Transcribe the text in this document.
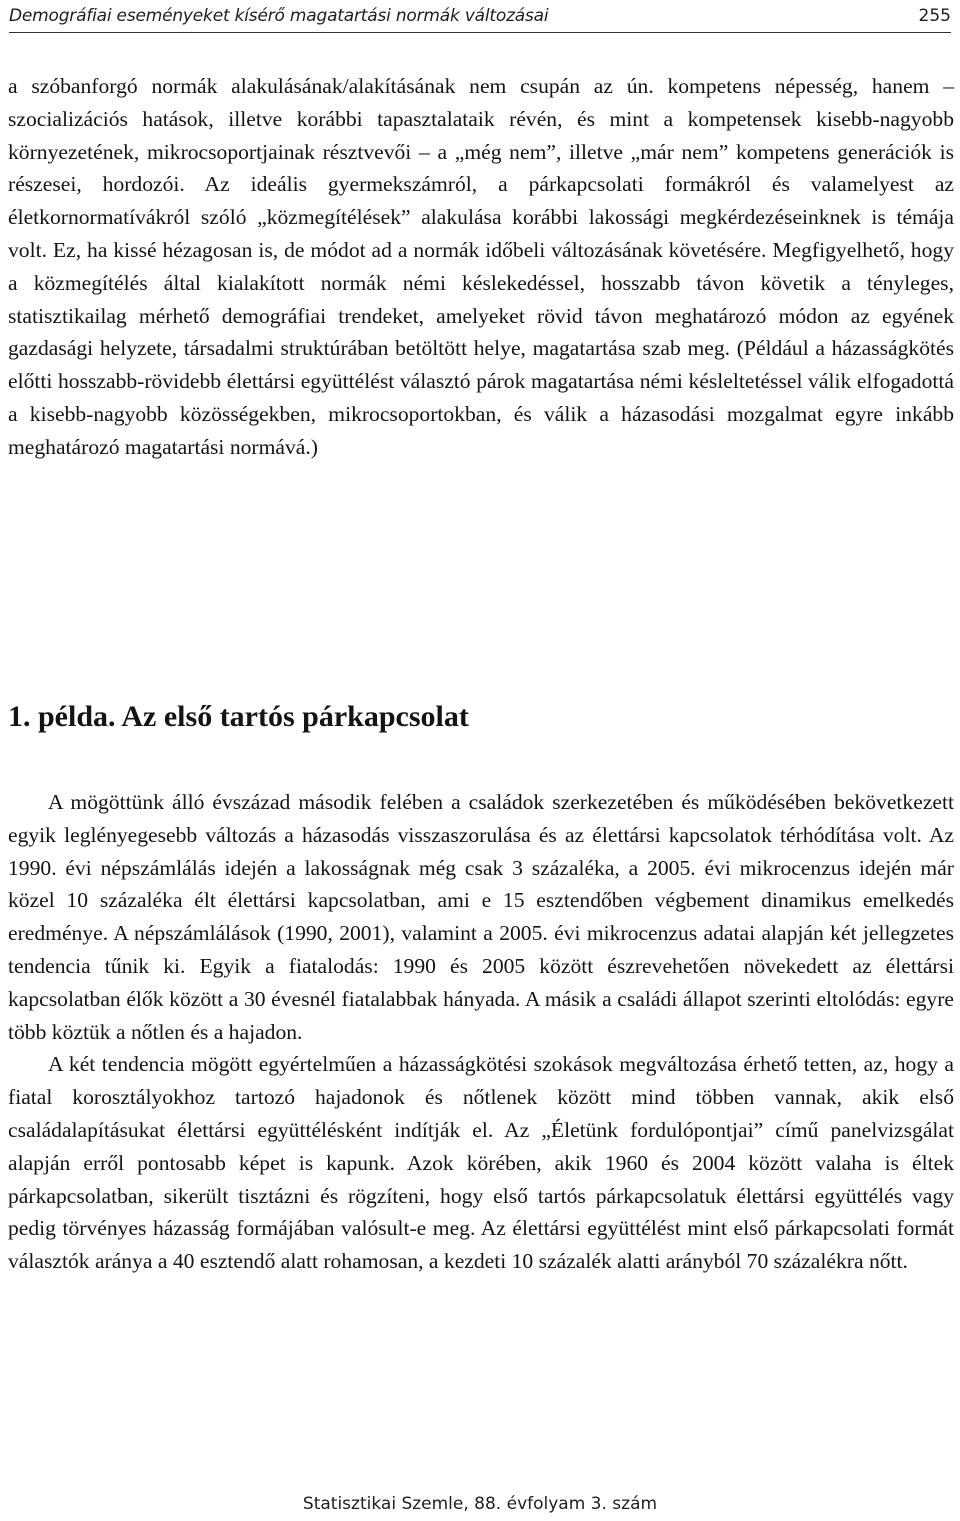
Demográfiai eseményeket kísérő magatartási normák változásai	255

a szóbanforgó normák alakulásának/alakításának nem csupán az ún. kompetens népesség, hanem – szocializációs hatások, illetve korábbi tapasztalataik révén, és mint a kompetensek kisebb-nagyobb környezetének, mikrocsoportjainak résztvevői – a „még nem”, illetve „már nem” kompetens generációk is részesei, hordozói. Az ideális gyermekszámról, a párkapcsolati formákról és valamelyest az életkornormatívákról szóló „közmegítélések” alakulása korábbi lakossági megkérdezéseinknek is témája volt. Ez, ha kissé hézagosan is, de módot ad a normák időbeli változásának követésére. Megfigyelhető, hogy a közmegítélés által kialakított normák némi késlekedéssel, hosszabb távon követik a tényleges, statisztikailag mérhető demográfiai trendeket, amelyeket rövid távon meghatározó módon az egyének gazdasági helyzete, társadalmi struktúrában betöltött helye, magatartása szab meg. (Például a házasságkötés előtti hosszabb-rövidebb élettársi együttélést választó párok magatartása némi késleltetéssel válik elfogadottá a kisebb-nagyobb közösségekben, mikrocsoportokban, és válik a házasodási mozgalmat egyre inkább meghatározó magatartási normává.)

1. példa. Az első tartós párkapcsolat

A mögöttünk álló évszázad második felében a családok szerkezetében és működésében bekövetkezett egyik leglényegesebb változás a házasodás visszaszorulása és az élettársi kapcsolatok térhódítása volt. Az 1990. évi népszámlálás idején a lakosságnak még csak 3 százaléka, a 2005. évi mikrocenzus idején már közel 10 százaléka élt élettársi kapcsolatban, ami e 15 esztendőben végbement dinamikus emelkedés eredménye. A népszámlálások (1990, 2001), valamint a 2005. évi mikrocenzus adatai alapján két jellegzetes tendencia tűnik ki. Egyik a fiatalodás: 1990 és 2005 között észrevehetően növekedett az élettársi kapcsolatban élők között a 30 évesnél fiatalabbak hányada. A másik a családi állapot szerinti eltolódás: egyre több köztük a nőtlen és a hajadon.

A két tendencia mögött egyértelműen a házasságkötési szokások megváltozása érhető tetten, az, hogy a fiatal korosztályokhoz tartozó hajadonok és nőtlenek között mind többen vannak, akik első családalapításukat élettársi együttélésként indítják el. Az „Életünk fordulópontjai” című panelvizsgálat alapján erről pontosabb képet is kapunk. Azok körében, akik 1960 és 2004 között valaha is éltek párkapcsolatban, sikerült tisztázni és rögzíteni, hogy első tartós párkapcsolatuk élettársi együttélés vagy pedig törvényes házasság formájában valósult-e meg. Az élettársi együttélést mint első párkapcsolati formát választók aránya a 40 esztendő alatt rohamosan, a kezdeti 10 százalék alatti arányból 70 százalékra nőtt.

Statisztikai Szemle, 88. évfolyam 3. szám
